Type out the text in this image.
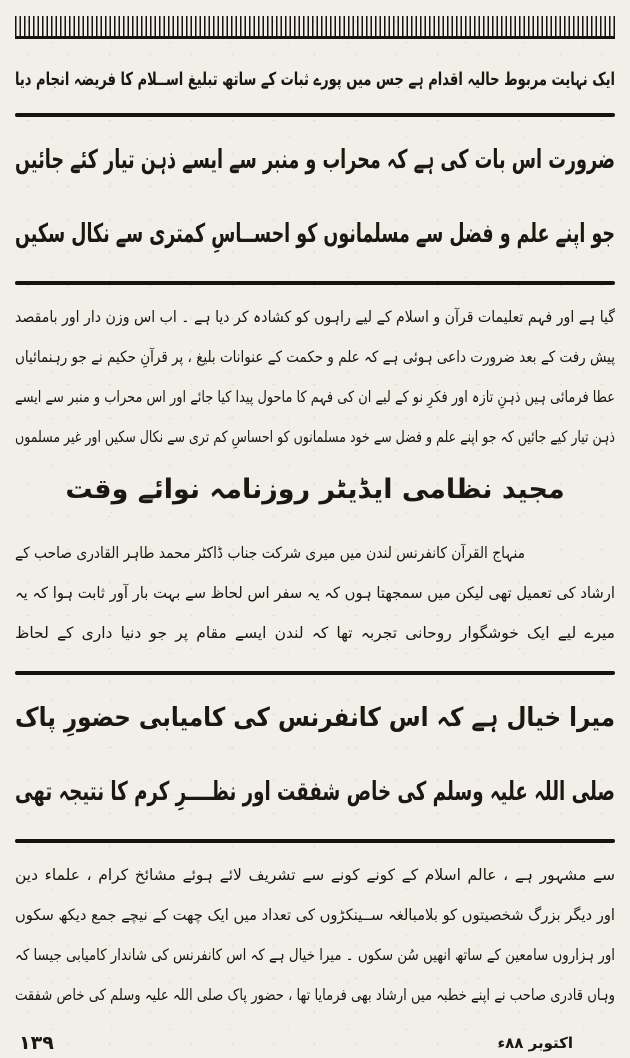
ایک نہایت مربوط حالیہ اقدام ہے جس میں پورے ثبات کے ساتھ تبلیغ اســلام کا فریضہ انجام دیا
ضرورت اس بات کی ہے کہ محراب و منبر سے ایسے ذہن تیار کئے جائیں
جو اپنے علم و فضل سے مسلمانوں کو احســاسِ کمتری سے نکال سکیں
گیا ہے اور فہم تعلیمات قرآن و اسلام کے لیے راہوں کو کشادہ کر دیا ہے ۔ اب اس وزن دار اور بامقصد
پیش رفت کے بعد ضرورت داعی ہوئی ہے کہ علم و حکمت کے عنوانات بلیغ ، پر قرآنِ حکیم نے جو رہنمائیاں
عطا فرمائی ہیں ذہنِ تازہ اور فکرِ نو کے لیے ان کی فہم کا ماحول پیدا کیا جائے اور اس محراب و منبر سے ایسے
ذہن تیار کیے جائیں کہ جو اپنے علم و فضل سے خود مسلمانوں کو احساسِ کم تری سے نکال سکیں اور غیر مسلموں
مجید نظامی ایڈیٹر روزنامہ نوائے وقت
منہاج القرآن کانفرنس لندن میں میری شرکت جناب ڈاکٹر محمد طاہر القادری صاحب کے
ارشاد کی تعمیل تھی لیکن میں سمجھتا ہوں کہ یہ سفر اس لحاظ سے بہت بار آور ثابت ہوا کہ یہ
میرے لیے ایک خوشگوار روحانی تجربہ تھا کہ لندن ایسے مقام پر جو دنیا داری کے لحاظ
میرا خیال ہے کہ اس کانفرنس کی کامیابی حضورِ پاک
صلی اللہ علیہ وسلم کی خاص شفقت اور نظــــرِ کرم کا نتیجہ تھی
سے مشہور ہے ، عالم اسلام کے کونے کونے سے تشریف لائے ہوئے مشائخ کرام ، علماء دین
اور دیگر بزرگ شخصیتوں کو بلامبالغہ ســینکڑوں کی تعداد میں ایک چھت کے نیچے جمع دیکھ سکوں
اور ہزاروں سامعین کے ساتھ انھیں سُن سکوں ۔ میرا خیال ہے کہ اس کانفرنس کی شاندار کامیابی جیسا کہ
وہاں قادری صاحب نے اپنے خطبہ میں ارشاد بھی فرمایا تھا ، حضور پاک صلی اللہ علیہ وسلم کی خاص شفقت
۱۳۹	اکتوبر ۸۸ء
